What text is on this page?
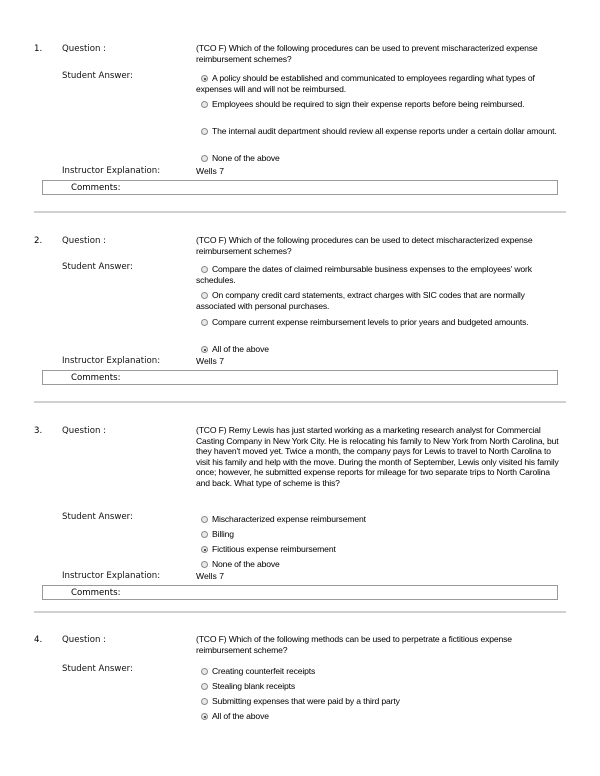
1. Question :	(TCO F) Which of the following procedures can be used to prevent mischaracterized expense reimbursement schemes?
Student Answer:	A policy should be established and communicated to employees regarding what types of expenses will and will not be reimbursed.
Employees should be required to sign their expense reports before being reimbursed.
The internal audit department should review all expense reports under a certain dollar amount.
None of the above
Instructor Explanation:	Wells 7
Comments:
2. Question :	(TCO F) Which of the following procedures can be used to detect mischaracterized expense reimbursement schemes?
Student Answer:	Compare the dates of claimed reimbursable business expenses to the employees' work schedules.
On company credit card statements, extract charges with SIC codes that are normally associated with personal purchases.
Compare current expense reimbursement levels to prior years and budgeted amounts.
All of the above
Instructor Explanation:	Wells 7
Comments:
3. Question :	(TCO F) Remy Lewis has just started working as a marketing research analyst for Commercial Casting Company in New York City. He is relocating his family to New York from North Carolina, but they haven't moved yet. Twice a month, the company pays for Lewis to travel to North Carolina to visit his family and help with the move. During the month of September, Lewis only visited his family once; however, he submitted expense reports for mileage for two separate trips to North Carolina and back. What type of scheme is this?
Student Answer:	Mischaracterized expense reimbursement
Billing
Fictitious expense reimbursement
None of the above
Instructor Explanation:	Wells 7
Comments:
4. Question :	(TCO F) Which of the following methods can be used to perpetrate a fictitious expense reimbursement scheme?
Student Answer:	Creating counterfeit receipts
Stealing blank receipts
Submitting expenses that were paid by a third party
All of the above
